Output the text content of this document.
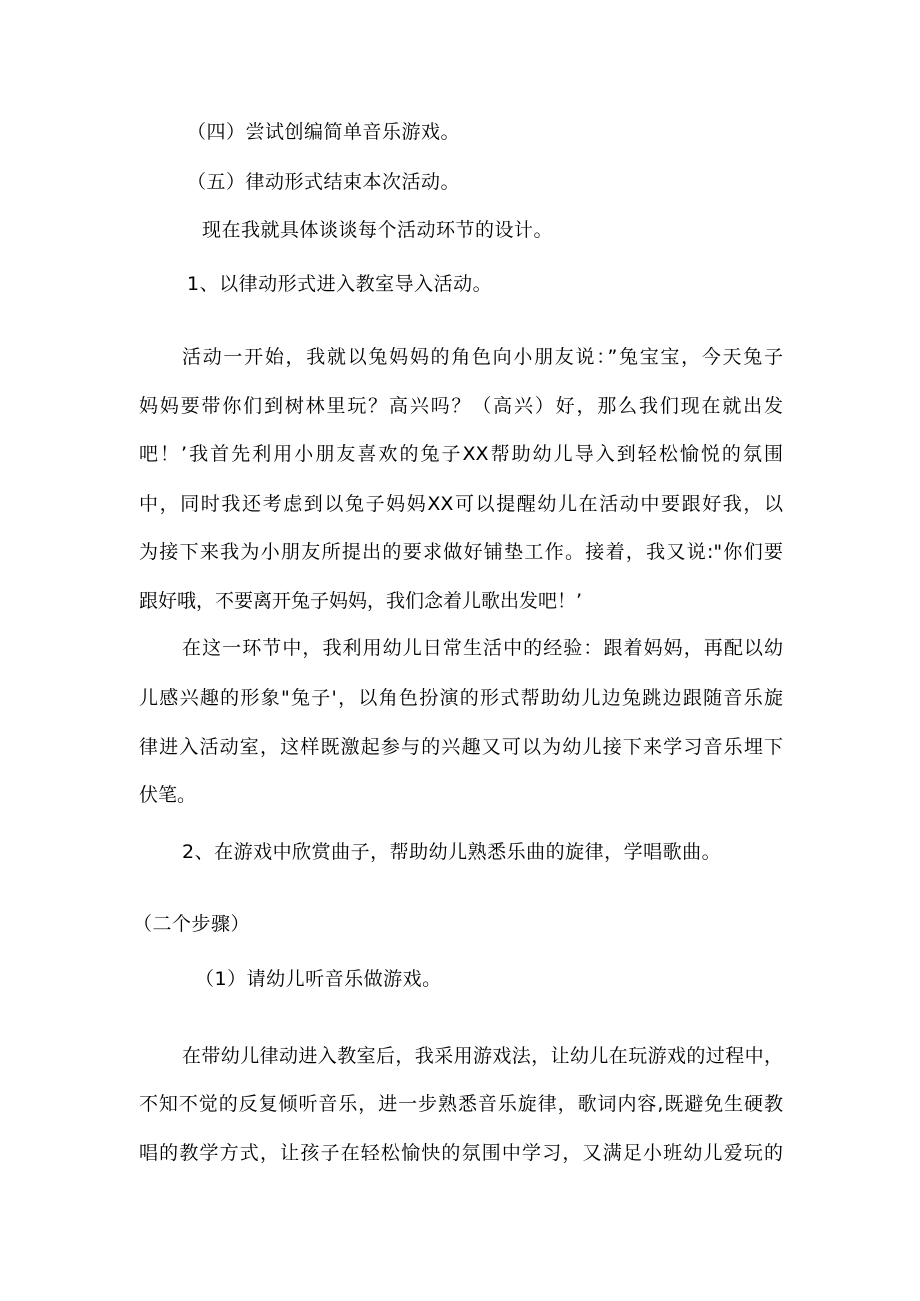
（四）尝试创编简单音乐游戏。
（五）律动形式结束本次活动。
现在我就具体谈谈每个活动环节的设计。
1、以律动形式进入教室导入活动。
活动一开始，我就以兔妈妈的角色向小朋友说：”兔宝宝，今天兔子
妈妈要带你们到树林里玩？高兴吗？（高兴）好，那么我们现在就出发
吧！’我首先利用小朋友喜欢的兔子XX帮助幼儿导入到轻松愉悦的氛围
中，同时我还考虑到以兔子妈妈XX可以提醒幼儿在活动中要跟好我，以
为接下来我为小朋友所提出的要求做好铺垫工作。接着，我又说:"你们要
跟好哦，不要离开兔子妈妈，我们念着儿歌出发吧！’
在这一环节中，我利用幼儿日常生活中的经验：跟着妈妈，再配以幼
儿感兴趣的形象"兔子'，以角色扮演的形式帮助幼儿边兔跳边跟随音乐旋
律进入活动室，这样既激起参与的兴趣又可以为幼儿接下来学习音乐埋下
伏笔。
2、在游戏中欣赏曲子，帮助幼儿熟悉乐曲的旋律，学唱歌曲。
（二个步骤）
（1）请幼儿听音乐做游戏。
在带幼儿律动进入教室后，我采用游戏法，让幼儿在玩游戏的过程中，
不知不觉的反复倾听音乐，进一步熟悉音乐旋律，歌词内容,既避免生硬教
唱的教学方式，让孩子在轻松愉快的氛围中学习，又满足小班幼儿爱玩的
